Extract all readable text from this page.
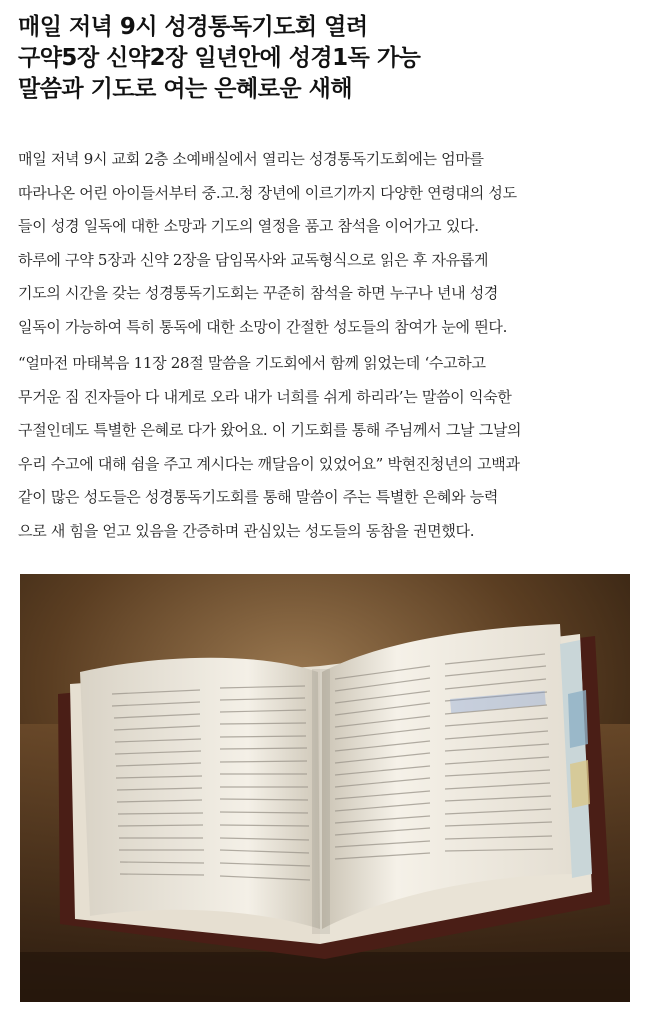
매일 저녁 9시 성경통독기도회 열려
구약5장 신약2장 일년안에 성경1독 가능
말씀과 기도로 여는 은혜로운 새해
매일 저녁 9시 교회 2층 소예배실에서 열리는 성경통독기도회에는 엄마를
따라나온 어린 아이들서부터 중.고.청 장년에 이르기까지 다양한 연령대의 성도
들이 성경 일독에 대한 소망과 기도의 열정을 품고 참석을 이어가고 있다.
하루에 구약 5장과 신약 2장을 담임목사와 교독형식으로 읽은 후 자유롭게
기도의 시간을 갖는 성경통독기도회는 꾸준히 참석을 하면 누구나 년내 성경
일독이 가능하여 특히 통독에 대한 소망이 간절한 성도들의 참여가 눈에 띈다.
“얼마전 마태복음 11장 28절 말씀을 기도회에서 함께 읽었는데 ‘수고하고
무거운 짐 진자들아 다 내게로 오라 내가 너희를 쉬게 하리라’는 말씀이 익숙한
구절인데도 특별한 은혜로 다가 왔어요. 이 기도회를 통해 주님께서 그날 그날의
우리 수고에 대해 쉼을 주고 계시다는 깨달음이 있었어요” 박현진청년의 고백과
같이 많은 성도들은 성경통독기도회를 통해 말씀이 주는 특별한 은혜와 능력
으로 새 힘을 얻고 있음을 간증하며 관심있는 성도들의 동참을 권면했다.
